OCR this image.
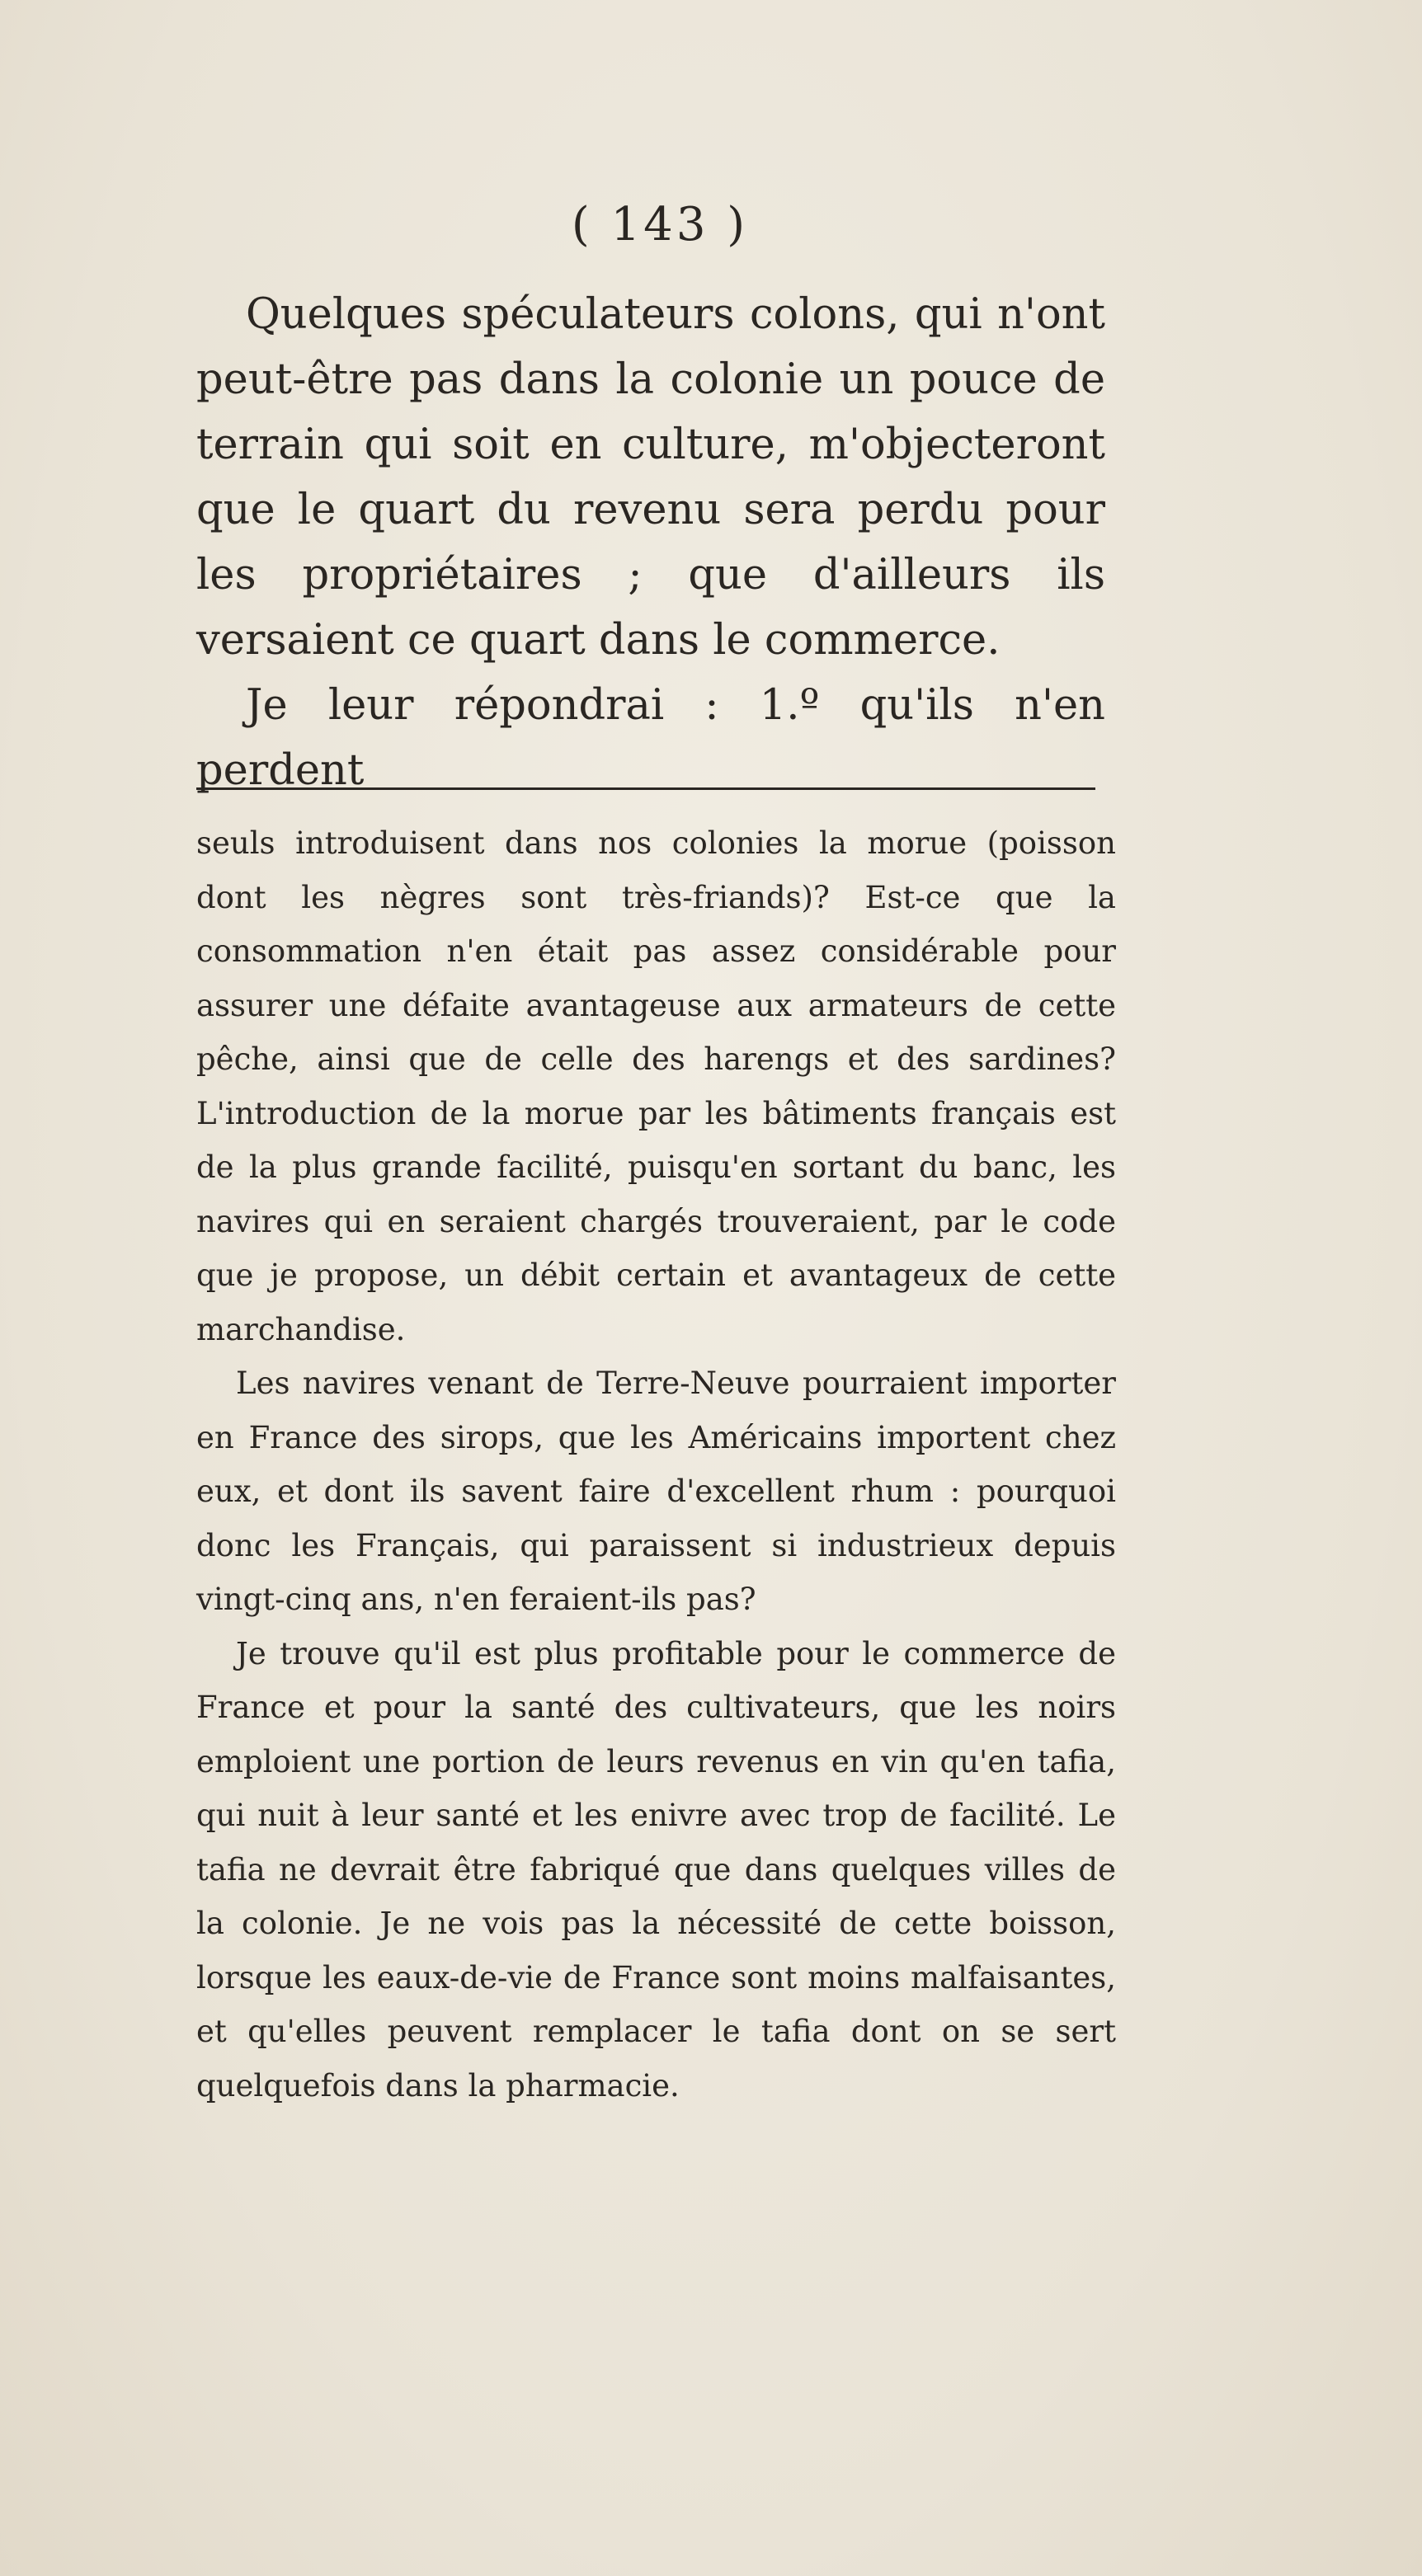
( 143 )

Quelques spéculateurs colons, qui n'ont peut-être pas dans la colonie un pouce de terrain qui soit en culture, m'objecteront que le quart du revenu sera perdu pour les propriétaires ; que d'ailleurs ils versaient ce quart dans le commerce.

Je leur répondrai : 1.º qu'ils n'en perdent

seuls introduisent dans nos colonies la morue (poisson dont les nègres sont très-friands)? Est-ce que la consommation n'en était pas assez considérable pour assurer une défaite avantageuse aux armateurs de cette pêche, ainsi que de celle des harengs et des sardines? L'introduction de la morue par les bâtiments français est de la plus grande facilité, puisqu'en sortant du banc, les navires qui en seraient chargés trouveraient, par le code que je propose, un débit certain et avantageux de cette marchandise.

Les navires venant de Terre-Neuve pourraient importer en France des sirops, que les Américains importent chez eux, et dont ils savent faire d'excellent rhum : pourquoi donc les Français, qui paraissent si industrieux depuis vingt-cinq ans, n'en feraient-ils pas?

Je trouve qu'il est plus profitable pour le commerce de France et pour la santé des cultivateurs, que les noirs emploient une portion de leurs revenus en vin qu'en tafia, qui nuit à leur santé et les enivre avec trop de facilité. Le tafia ne devrait être fabriqué que dans quelques villes de la colonie. Je ne vois pas la nécessité de cette boisson, lorsque les eaux-de-vie de France sont moins malfaisantes, et qu'elles peuvent remplacer le tafia dont on se sert quelquefois dans la pharmacie.
